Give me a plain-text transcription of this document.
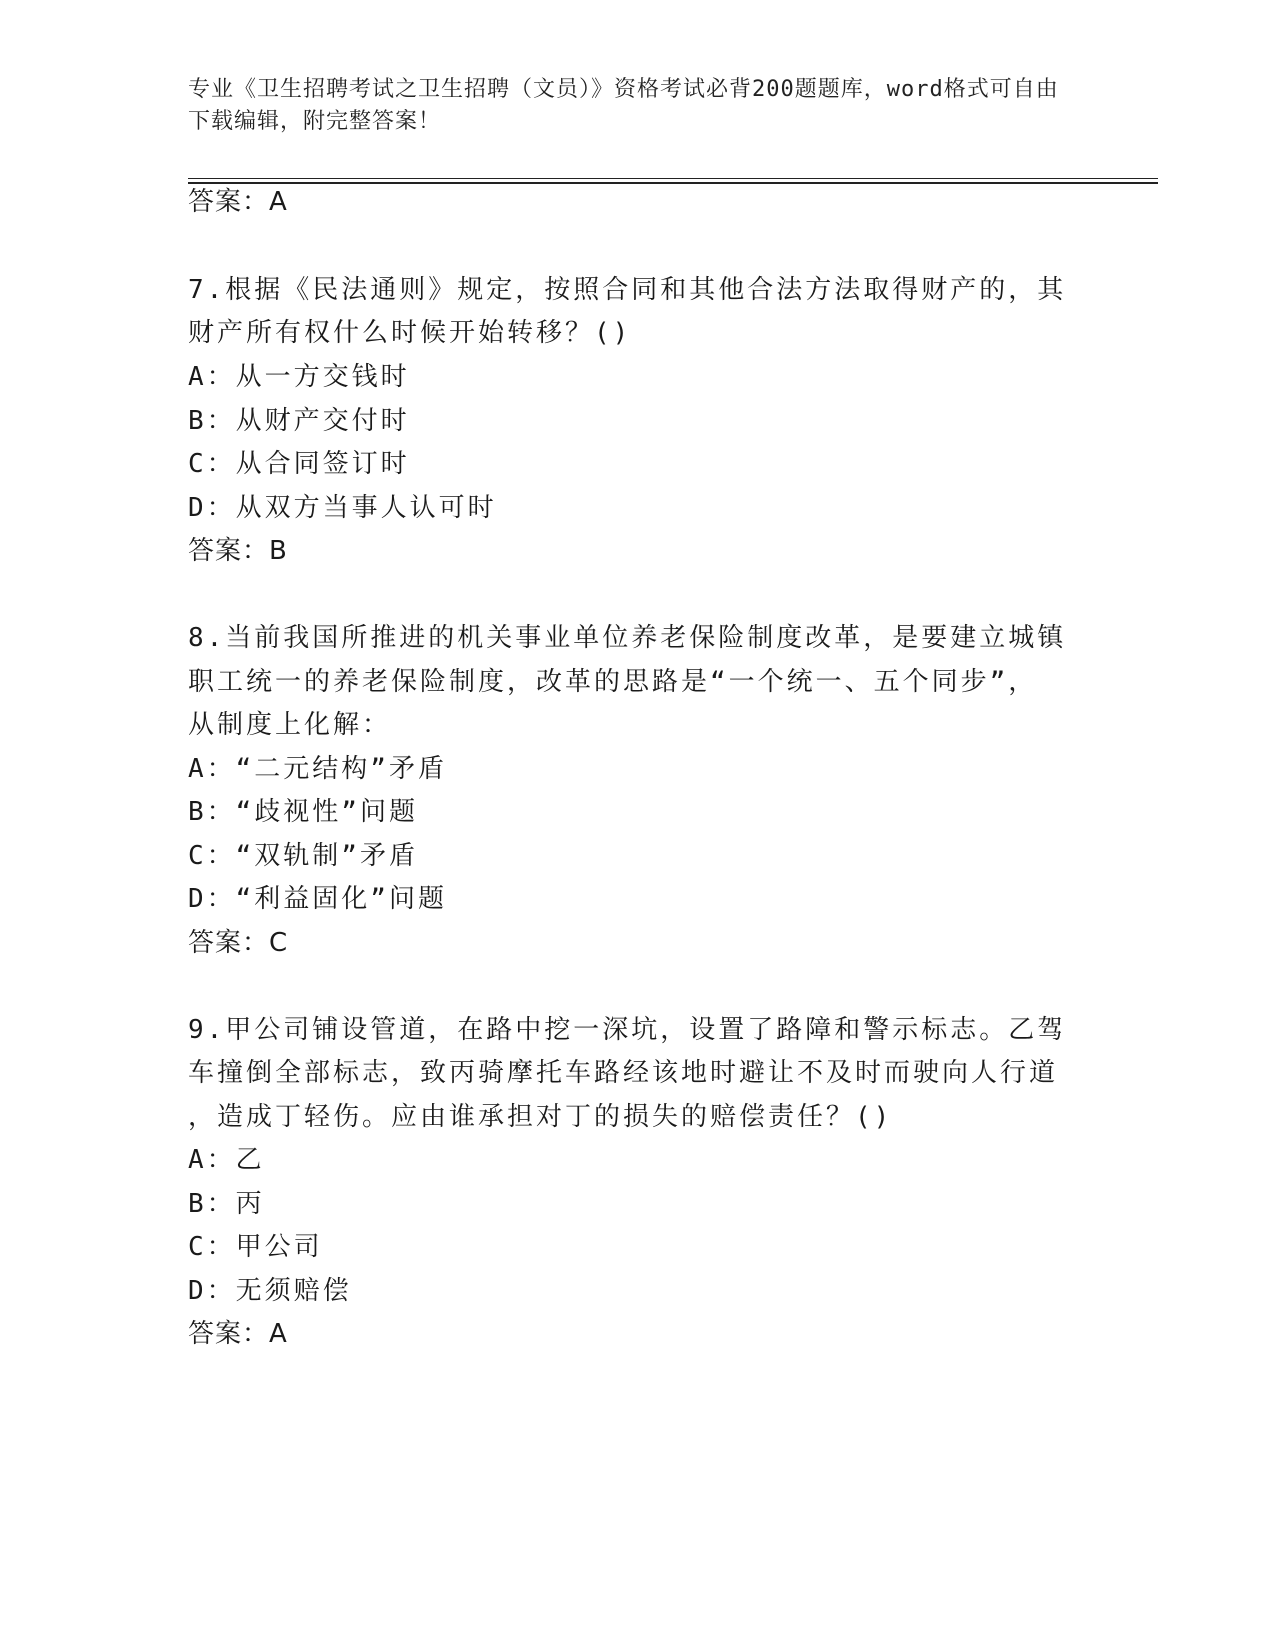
专业《卫生招聘考试之卫生招聘（文员）》资格考试必背200题题库，word格式可自由下载编辑，附完整答案！
答案：A
7.根据《民法通则》规定，按照合同和其他合法方法取得财产的，其
财产所有权什么时候开始转移？()
A：从一方交钱时
B：从财产交付时
C：从合同签订时
D：从双方当事人认可时
答案：B
8.当前我国所推进的机关事业单位养老保险制度改革，是要建立城镇
职工统一的养老保险制度，改革的思路是“一个统一、五个同步”，
从制度上化解：
A：“二元结构”矛盾
B：“歧视性”问题
C：“双轨制”矛盾
D：“利益固化”问题
答案：C
9.甲公司铺设管道，在路中挖一深坑，设置了路障和警示标志。乙驾
车撞倒全部标志，致丙骑摩托车路经该地时避让不及时而驶向人行道
，造成丁轻伤。应由谁承担对丁的损失的赔偿责任？()
A：乙
B：丙
C：甲公司
D：无须赔偿
答案：A
